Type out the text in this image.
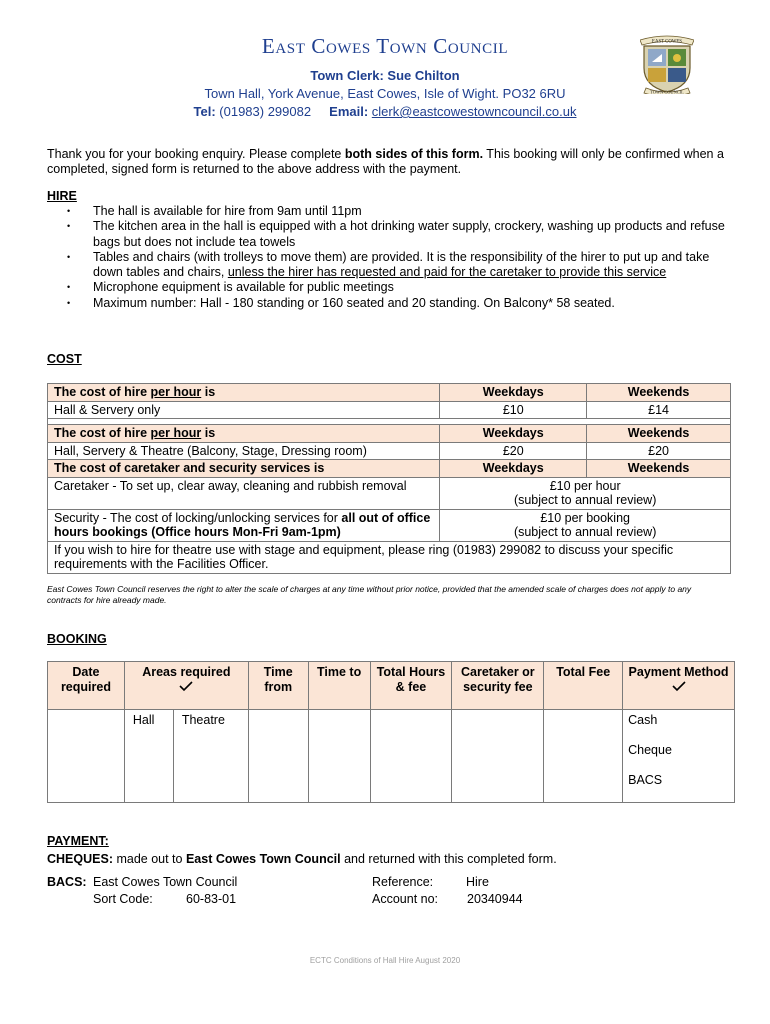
East Cowes Town Council	EAST COWES
TOWN COUNCIL
Town Clerk: Sue Chilton
Town Hall, York Avenue, East Cowes, Isle of Wight. PO32 6RU
Tel: (01983) 299082 Email: clerk@eastcowestowncouncil.co.uk
Thank you for your booking enquiry. Please complete both sides of this form. This booking will only be confirmed when a completed, signed form is returned to the above address with the payment.
HIRE
• The hall is available for hire from 9am until 11pm
• The kitchen area in the hall is equipped with a hot drinking water supply, crockery, washing up products and refuse bags but does not include tea towels
• Tables and chairs (with trolleys to move them) are provided. It is the responsibility of the hirer to put up and take down tables and chairs, unless the hirer has requested and paid for the caretaker to provide this service
• Microphone equipment is available for public meetings
• Maximum number: Hall - 180 standing or 160 seated and 20 standing. On Balcony* 58 seated.
COST
The cost of hire per hour is	Weekdays	Weekends
Hall & Servery only	£10	£14

The cost of hire per hour is	Weekdays	Weekends
Hall, Servery & Theatre (Balcony, Stage, Dressing room)	£20	£20
The cost of caretaker and security services is	Weekdays	Weekends
Caretaker - To set up, clear away, cleaning and rubbish removal	£10 per hour
(subject to annual review)	

Security - The cost of locking/unlocking services for all out of office hours bookings (Office hours Mon-Fri 9am-1pm)	£10 per booking
(subject to annual review)	

If you wish to hire for theatre use with stage and equipment, please ring (01983) 299082 to discuss your specific requirements with the Facilities Officer.		
East Cowes Town Council reserves the right to alter the scale of charges at any time without prior notice, provided that the amended scale of charges does not apply to any contracts for hire already made.
BOOKING
Date required	Areas required		Time from	Time to	Total Hours & fee	Caretaker or security fee	Total Fee	Payment Method

	Hall	Theatre						Cash
Cheque
BACS
PAYMENT:
CHEQUES: made out to East Cowes Town Council and returned with this completed form.
BACS: East Cowes Town Council
Sort Code:	60-83-01
Reference:	Hire
Account no: 20340944
ECTC Conditions of Hall Hire August 2020
